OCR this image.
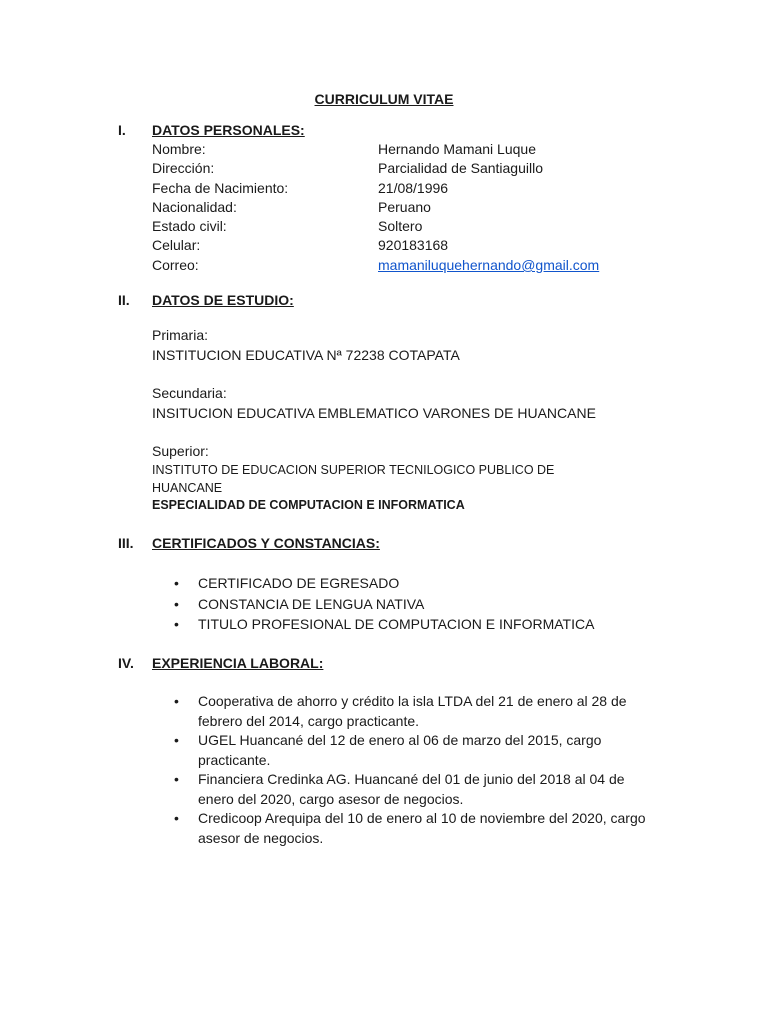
CURRICULUM VITAE
I. DATOS PERSONALES:
Nombre:	Hernando Mamani Luque
Dirección:	Parcialidad de Santiaguillo
Fecha de Nacimiento:	21/08/1996
Nacionalidad:	Peruano
Estado civil:	Soltero
Celular:	920183168
Correo:	mamaniluquehernando@gmail.com
II. DATOS DE ESTUDIO:
Primaria:
INSTITUCION EDUCATIVA Nª 72238 COTAPATA
Secundaria:
INSITUCION EDUCATIVA EMBLEMATICO VARONES DE HUANCANE
Superior:
INSTITUTO DE EDUCACION SUPERIOR TECNILOGICO PUBLICO DE HUANCANE
ESPECIALIDAD DE COMPUTACION E INFORMATICA
III. CERTIFICADOS Y CONSTANCIAS:
• CERTIFICADO DE EGRESADO
• CONSTANCIA DE LENGUA NATIVA
• TITULO PROFESIONAL DE COMPUTACION E INFORMATICA
IV. EXPERIENCIA LABORAL:
• Cooperativa de ahorro y crédito la isla LTDA del 21 de enero al 28 de febrero del 2014, cargo practicante.
• UGEL Huancané del 12 de enero al 06 de marzo del 2015, cargo practicante.
• Financiera Credinka AG. Huancané del 01 de junio del 2018 al 04 de enero del 2020, cargo asesor de negocios.
• Credicoop Arequipa del 10 de enero al 10 de noviembre del 2020, cargo asesor de negocios.
